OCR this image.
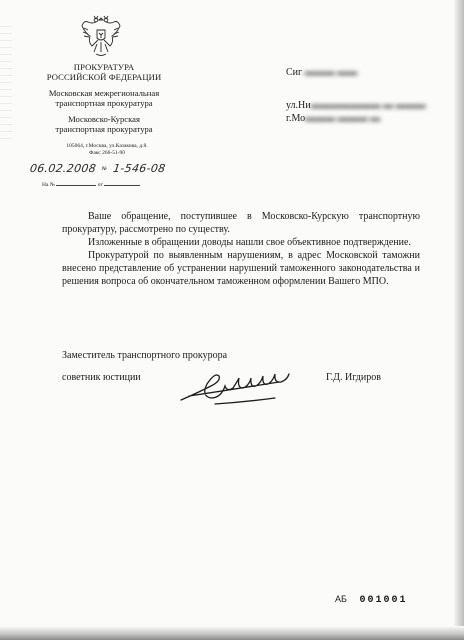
ПРОКУРАТУРА
РОССИЙСКОЙ ФЕДЕРАЦИИ
Московская межрегиональная
транспортная прокуратура
Московско-Курская
транспортная прокуратура
105064, г.Москва, ул.Казакова, д.8.
Факс 266-51-90
06.02.2008 № 1-546-08
На №	от
Сиг ▬▬▬ ▬▬
ул.Ни▬▬▬▬▬▬▬ ▬ ▬▬▬
г.Мо▬▬▬ ▬▬▬ ▬

Ваше обращение, поступившее в Московско-Курскую транспортную прокуратуру, рассмотрено по существу.

Изложенные в обращении доводы нашли свое объективное подтверждение.

Прокуратурой по выявленным нарушениям, в адрес Московской таможни внесено представление об устранении нарушений таможенного законодательства и решения вопроса об окончательном таможенном оформлении Вашего МПО.

Заместитель транспортного прокурора
советник юстиции	Г.Д. Игдиров
АБ 001001
